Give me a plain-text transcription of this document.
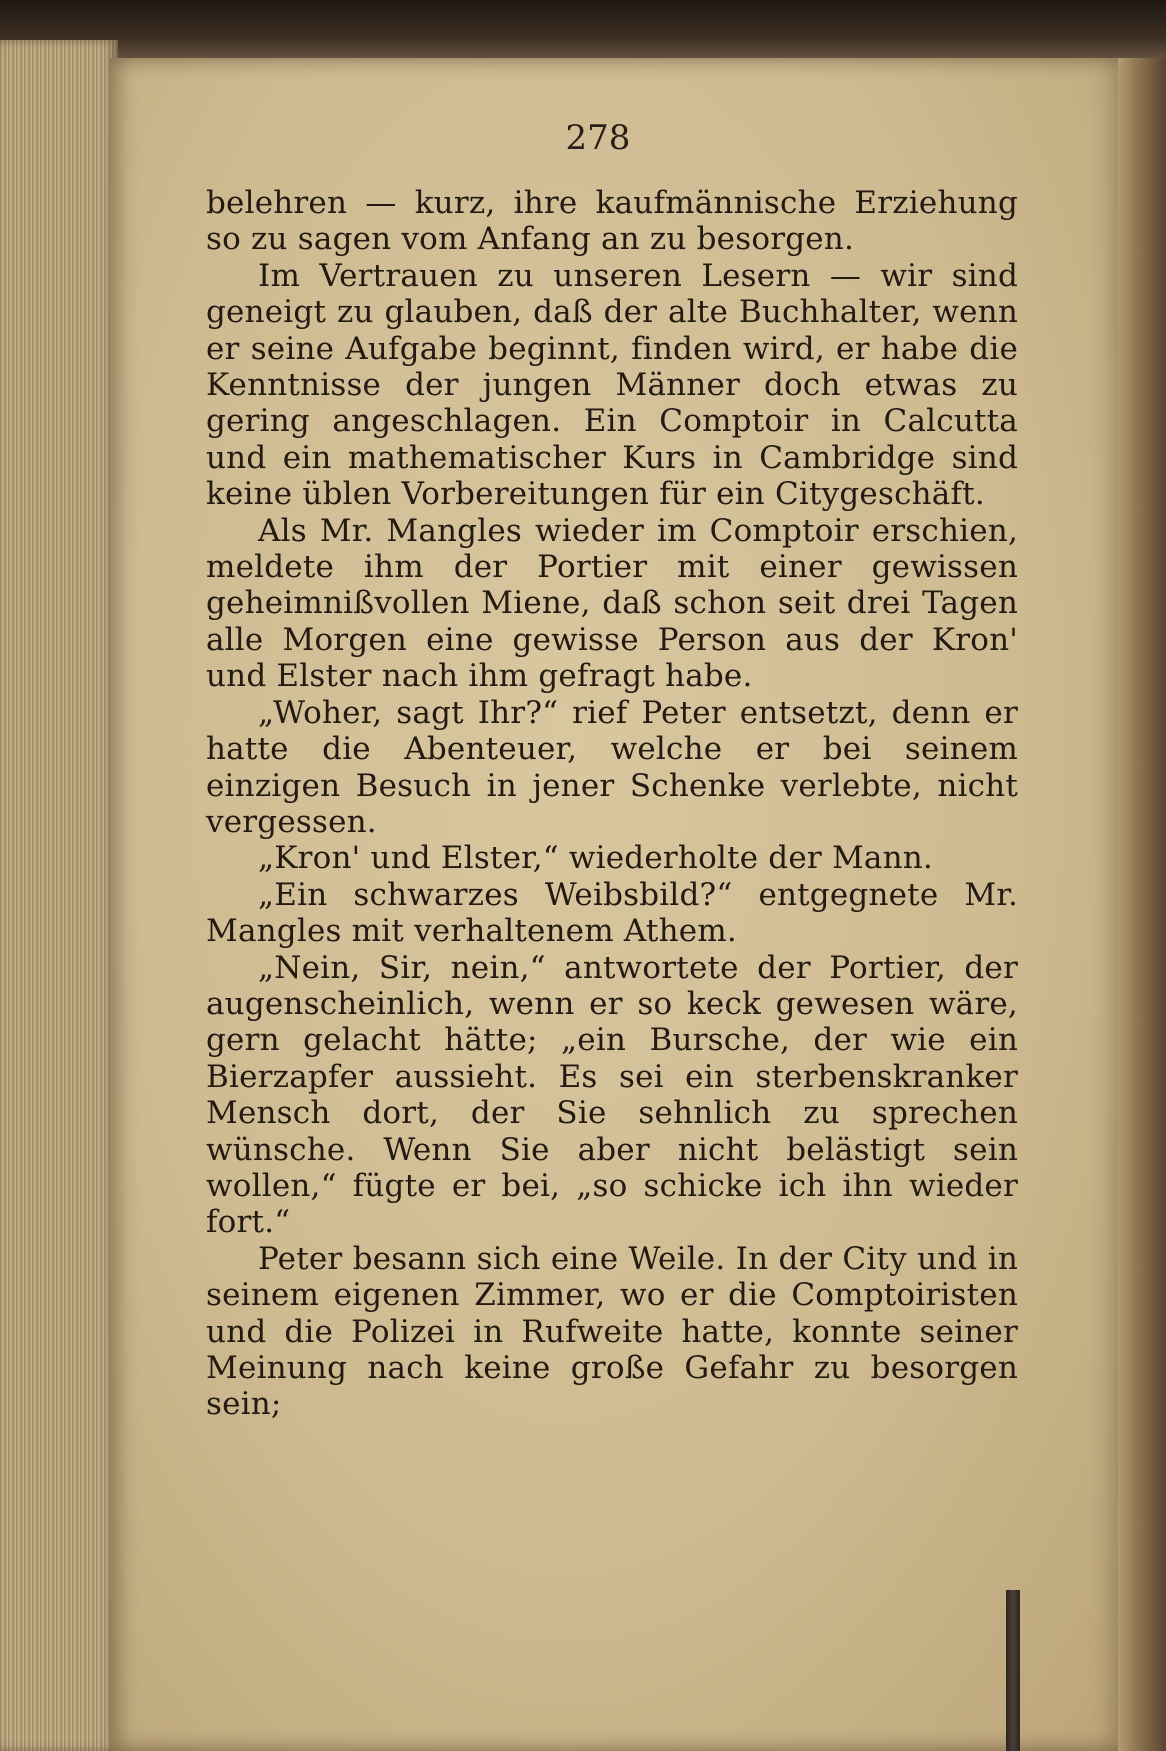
278

belehren — kurz, ihre kaufmännische Erziehung so zu sagen vom Anfang an zu besorgen.

Im Vertrauen zu unseren Lesern — wir sind geneigt zu glauben, daß der alte Buchhalter, wenn er seine Aufgabe beginnt, finden wird, er habe die Kenntnisse der jungen Männer doch etwas zu gering angeschlagen. Ein Comptoir in Calcutta und ein mathematischer Kurs in Cambridge sind keine üblen Vorbereitungen für ein Citygeschäft.

Als Mr. Mangles wieder im Comptoir erschien, meldete ihm der Portier mit einer gewissen geheimnißvollen Miene, daß schon seit drei Tagen alle Morgen eine gewisse Person aus der Kron' und Elster nach ihm gefragt habe.

„Woher, sagt Ihr?“ rief Peter entsetzt, denn er hatte die Abenteuer, welche er bei seinem einzigen Besuch in jener Schenke verlebte, nicht vergessen.

„Kron' und Elster,“ wiederholte der Mann.

„Ein schwarzes Weibsbild?“ entgegnete Mr. Mangles mit verhaltenem Athem.

„Nein, Sir, nein,“ antwortete der Portier, der augenscheinlich, wenn er so keck gewesen wäre, gern gelacht hätte; „ein Bursche, der wie ein Bierzapfer aussieht. Es sei ein sterbenskranker Mensch dort, der Sie sehnlich zu sprechen wünsche. Wenn Sie aber nicht belästigt sein wollen,“ fügte er bei, „so schicke ich ihn wieder fort.“

Peter besann sich eine Weile. In der City und in seinem eigenen Zimmer, wo er die Comptoiristen und die Polizei in Rufweite hatte, konnte seiner Meinung nach keine große Gefahr zu besorgen sein;
